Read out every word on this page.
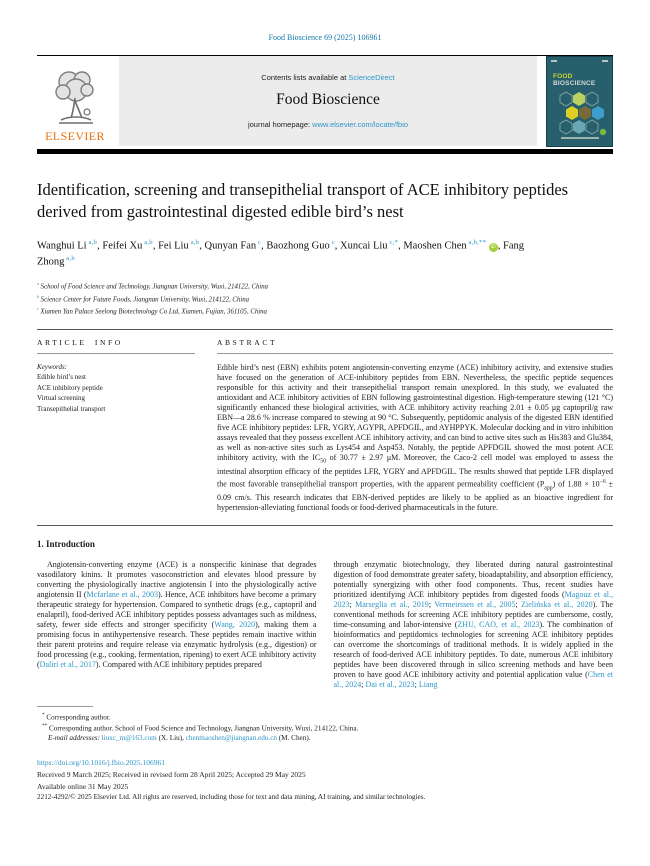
Food Bioscience 69 (2025) 106961
ELSEVIER
Contents lists available at ScienceDirect
Food Bioscience
journal homepage: www.elsevier.com/locate/fbio
FOOD
BIOSCIENCE
Identification, screening and transepithelial transport of ACE inhibitory peptides derived from gastrointestinal digested edible bird’s nest
Wanghui Li $^{a,b}$, Feifei Xu $^{a,b}$, Fei Liu $^{a,b}$, Qunyan Fan $^c$, Baozhong Guo $^c$, Xuncai Liu $^{c,*}$, Maoshen Chen $^{a,b,**}$ iD , Fang Zhong $^{a,b}$
$^a$ School of Food Science and Technology, Jiangnan University, Wuxi, 214122, China
$^b$ Science Center for Future Foods, Jiangnan University, Wuxi, 214122, China
$^c$ Xiamen Yan Palace Seelong Biotechnology Co Ltd, Xiamen, Fujian, 361105, China
ARTICLE INFO
Keywords:
Edible bird’s nest
ACE inhibitory peptide
Virtual screening
Transepithelial transport
ABSTRACT
Edible bird’s nest (EBN) exhibits potent angiotensin-converting enzyme (ACE) inhibitory activity, and extensive studies have focused on the generation of ACE-inhibitory peptides from EBN. Nevertheless, the specific peptide sequences responsible for this activity and their transepithelial transport remain unexplored. In this study, we evaluated the antioxidant and ACE inhibitory activities of EBN following gastrointestinal digestion. High-temperature stewing (121 °C) significantly enhanced these biological activities, with ACE inhibitory activity reaching 2.01 ± 0.05 μg captopril/g raw EBN—a 28.6 % increase compared to stewing at 90 °C. Subsequently, peptidomic analysis of the digested EBN identified five ACE inhibitory peptides: LFR, YGRY, AGYPR, APFDGIL, and AYHPPYK. Molecular docking and in vitro inhibition assays revealed that they possess excellent ACE inhibitory activity, and can bind to active sites such as His383 and Glu384, as well as non-active sites such as Lys454 and Asp453. Notably, the peptide APFDGIL showed the most potent ACE inhibitory activity, with the $IC_{50}$ of 30.77 ± 2.97 μM. Moreover, the Caco-2 cell model was employed to assess the intestinal absorption efficacy of the peptides LFR, YGRY and APFDGIL. The results showed that peptide LFR displayed the most favorable transepithelial transport properties, with the apparent permeability coefficient $(P_{app})$ of $1.88 \times 10^{-6} \pm 0.09$ cm/s. This research indicates that EBN-derived peptides are likely to be applied as an bioactive ingredient for hypertension-alleviating functional foods or food-derived pharmaceuticals in the future.
1. Introduction
Angiotensin-converting enzyme (ACE) is a nonspecific kininase that degrades vasodilatory kinins. It promotes vasoconstriction and elevates blood pressure by converting the physiologically inactive angiotensin I into the physiologically active angiotensin II (Mcfarlane et al., 2003). Hence, ACE inhibitors have become a primary therapeutic strategy for hypertension. Compared to synthetic drugs (e.g., captopril and enalapril), food-derived ACE inhibitory peptides possess advantages such as mildness, safety, fewer side effects and stronger specificity (Wang, 2020), making them a promising focus in antihypertensive research. These peptides remain inactive within their parent proteins and require release via enzymatic hydrolysis (e.g., digestion) or food processing (e.g., cooking, fermentation, ripening) to exert ACE inhibitory activity (Daliri et al., 2017). Compared with ACE inhibitory peptides prepared
through enzymatic biotechnology, they liberated during natural gastrointestinal digestion of food demonstrate greater safety, bioadaptability, and absorption efficiency, potentially synergizing with other food components. Thus, recent studies have prioritized identifying ACE inhibitory peptides from digested foods (Magouz et al., 2023; Marseglia et al., 2019; Vermeirssen et al., 2005; Zielińska et al., 2020). The conventional methods for screening ACE inhibitory peptides are cumbersome, costly, time-consuming and labor-intensive (ZHU, CAO, et al., 2023). The combination of bioinformatics and peptidomics technologies for screening ACE inhibitory peptides can overcome the shortcomings of traditional methods. It is widely applied in the research of food-derived ACE inhibitory peptides. To date, numerous ACE inhibitory peptides have been discovered through in silico screening methods and have been proven to have good ACE inhibitory activity and potential application value (Chen et al., 2024; Dai et al., 2023; Liang
* Corresponding author.
** Corresponding author. School of Food Science and Technology, Jiangnan University, Wuxi, 214122, China.
E-mail addresses: liuxc_m@163.com (X. Liu), chenmaoshen@jiangnan.edu.cn (M. Chen).
https://doi.org/10.1016/j.fbio.2025.106961
Received 9 March 2025; Received in revised form 28 April 2025; Accepted 29 May 2025
Available online 31 May 2025
2212-4292/© 2025 Elsevier Ltd. All rights are reserved, including those for text and data mining, AI training, and similar technologies.
